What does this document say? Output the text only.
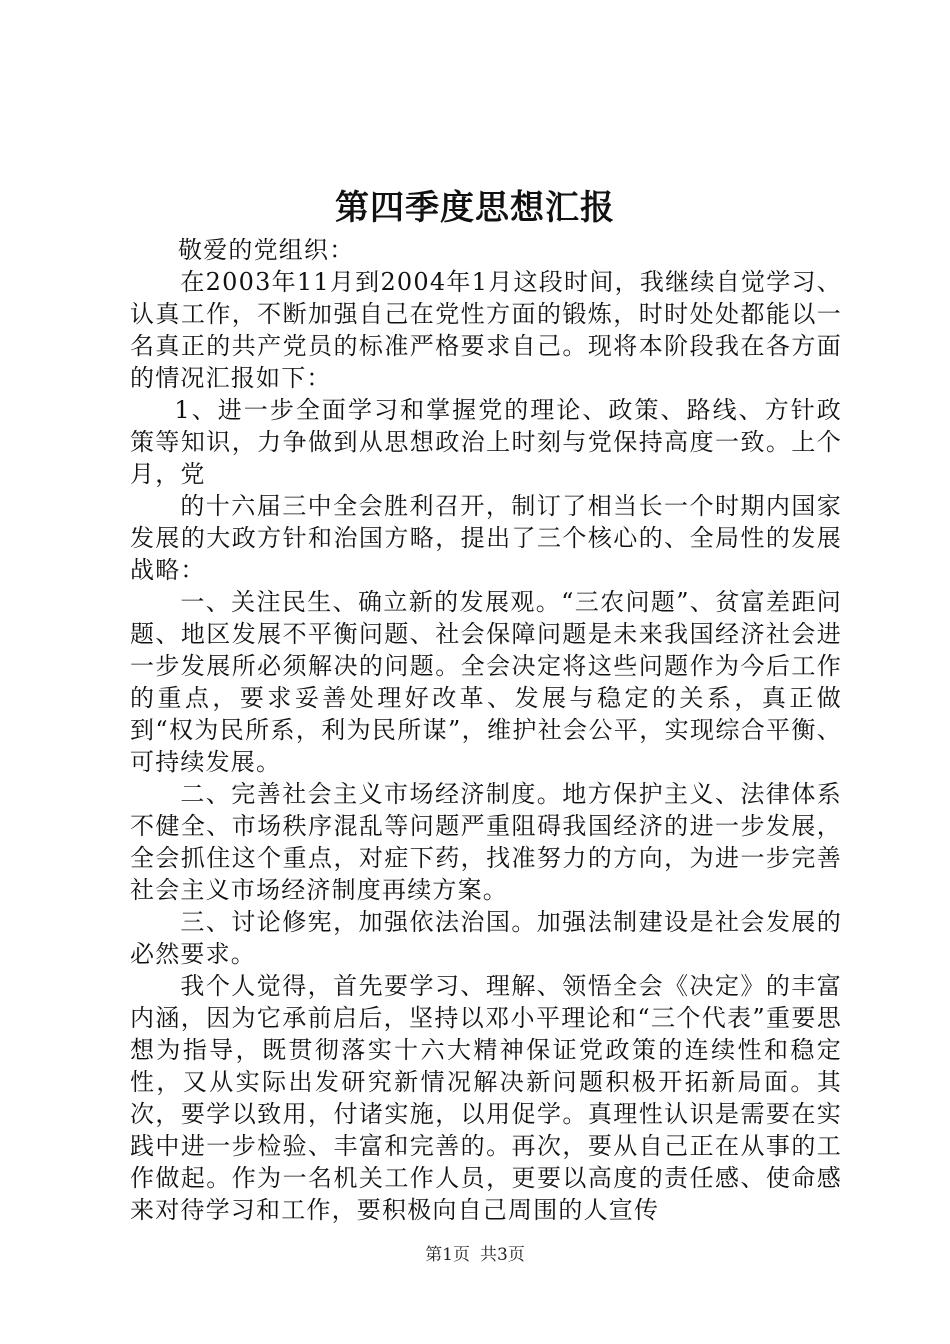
第四季度思想汇报

敬爱的党组织：

在2003年11月到2004年1月这段时间，我继续自觉学习、认真工作，不断加强自己在党性方面的锻炼，时时处处都能以一名真正的共产党员的标准严格要求自己。现将本阶段我在各方面的情况汇报如下：

1、进一步全面学习和掌握党的理论、政策、路线、方针政策等知识，力争做到从思想政治上时刻与党保持高度一致。上个月，党

的十六届三中全会胜利召开，制订了相当长一个时期内国家发展的大政方针和治国方略，提出了三个核心的、全局性的发展战略：

一、关注民生、确立新的发展观。“三农问题”、贫富差距问题、地区发展不平衡问题、社会保障问题是未来我国经济社会进一步发展所必须解决的问题。全会决定将这些问题作为今后工作的重点，要求妥善处理好改革、发展与稳定的关系，真正做到“权为民所系，利为民所谋”，维护社会公平，实现综合平衡、可持续发展。

二、完善社会主义市场经济制度。地方保护主义、法律体系不健全、市场秩序混乱等问题严重阻碍我国经济的进一步发展，全会抓住这个重点，对症下药，找准努力的方向，为进一步完善社会主义市场经济制度再续方案。

三、讨论修宪，加强依法治国。加强法制建设是社会发展的必然要求。

我个人觉得，首先要学习、理解、领悟全会《决定》的丰富内涵，因为它承前启后，坚持以邓小平理论和“三个代表”重要思想为指导，既贯彻落实十六大精神保证党政策的连续性和稳定性，又从实际出发研究新情况解决新问题积极开拓新局面。其次，要学以致用，付诸实施，以用促学。真理性认识是需要在实践中进一步检验、丰富和完善的。再次，要从自己正在从事的工作做起。作为一名机关工作人员，更要以高度的责任感、使命感来对待学习和工作，要积极向自己周围的人宣传

第1页 共3页
